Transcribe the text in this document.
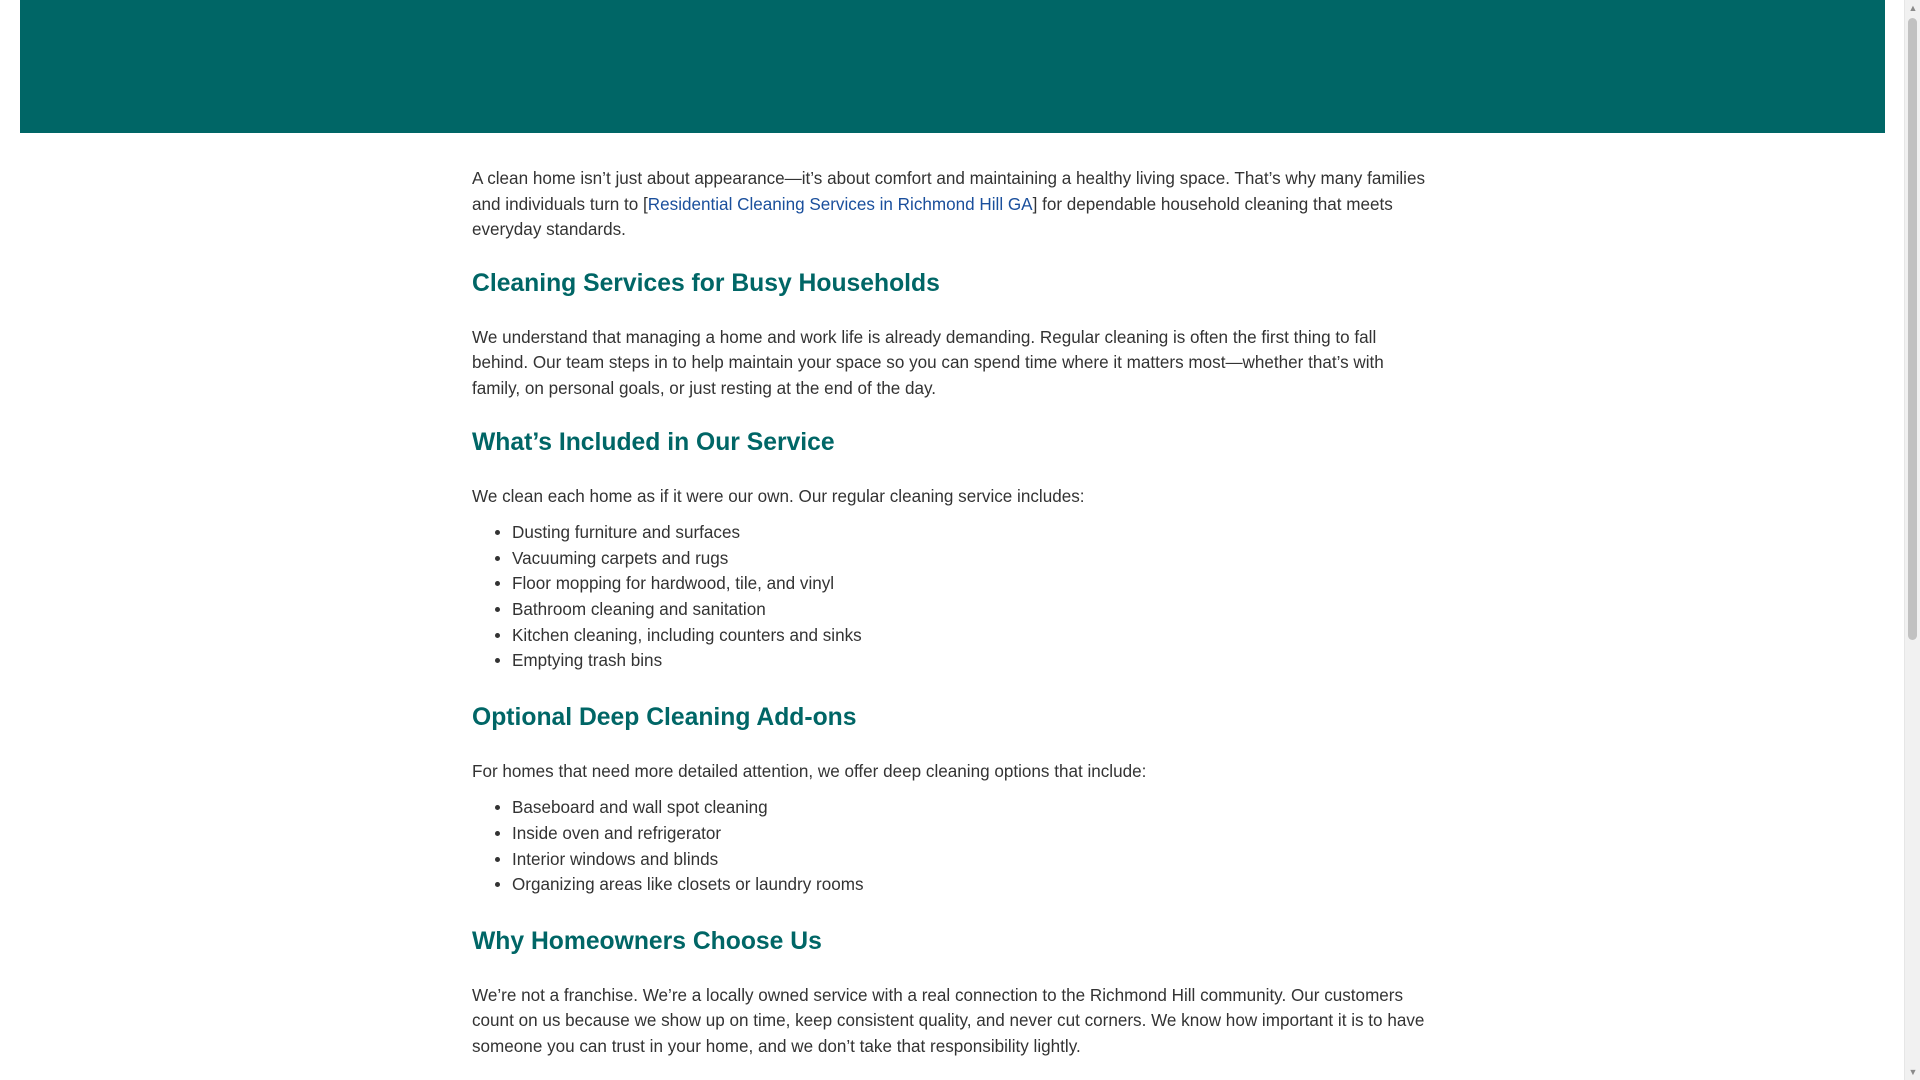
A clean home isn’t just about appearance—it’s about comfort and maintaining a healthy living space. That’s why many families and individuals turn to [Residential Cleaning Services in Richmond Hill GA] for dependable household cleaning that meets everyday standards.

Cleaning Services for Busy Households

We understand that managing a home and work life is already demanding. Regular cleaning is often the first thing to fall behind. Our team steps in to help maintain your space so you can spend time where it matters most—whether that’s with family, on personal goals, or just resting at the end of the day.

What’s Included in Our Service

We clean each home as if it were our own. Our regular cleaning service includes:

• Dusting furniture and surfaces
• Vacuuming carpets and rugs
• Floor mopping for hardwood, tile, and vinyl
• Bathroom cleaning and sanitation
• Kitchen cleaning, including counters and sinks
• Emptying trash bins
Optional Deep Cleaning Add-ons

For homes that need more detailed attention, we offer deep cleaning options that include:

• Baseboard and wall spot cleaning
• Inside oven and refrigerator
• Interior windows and blinds
• Organizing areas like closets or laundry rooms
Why Homeowners Choose Us

We’re not a franchise. We’re a locally owned service with a real connection to the Richmond Hill community. Our customers count on us because we show up on time, keep consistent quality, and never cut corners. We know how important it is to have someone you can trust in your home, and we don’t take that responsibility lightly.

▲
▼
